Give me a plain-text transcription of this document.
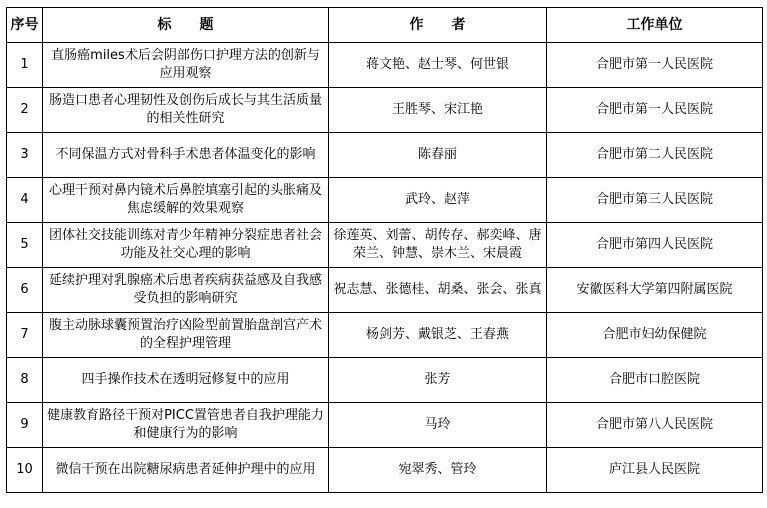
序号	标　　题	作　　者	工作单位
1	直肠癌miles术后会阴部伤口护理方法的创新与应用观察	蒋文艳、赵士琴、何世银	合肥市第一人民医院
2	肠造口患者心理韧性及创伤后成长与其生活质量的相关性研究	王胜琴、宋江艳	合肥市第一人民医院
3	不同保温方式对骨科手术患者体温变化的影响	陈春丽	合肥市第二人民医院
4	心理干预对鼻内镜术后鼻腔填塞引起的头胀痛及焦虑缓解的效果观察	武玲、赵萍	合肥市第三人民医院
5	团体社交技能训练对青少年精神分裂症患者社会功能及社交心理的影响	徐莲英、刘蕾、胡传存、郝奕峰、唐荣兰、钟慧、崇木兰、宋晨霞	合肥市第四人民医院
6	延续护理对乳腺癌术后患者疾病获益感及自我感受负担的影响研究	祝志慧、张德桂、胡桑、张会、张真	安徽医科大学第四附属医院
7	腹主动脉球囊预置治疗凶险型前置胎盘剖宫产术的全程护理管理	杨剑芳、戴银芝、王春燕	合肥市妇幼保健院
8	四手操作技术在透明冠修复中的应用	张芳	合肥市口腔医院
9	健康教育路径干预对PICC置管患者自我护理能力和健康行为的影响	马玲	合肥市第八人民医院
10	微信干预在出院糖尿病患者延伸护理中的应用	宛翠秀、管玲	庐江县人民医院
